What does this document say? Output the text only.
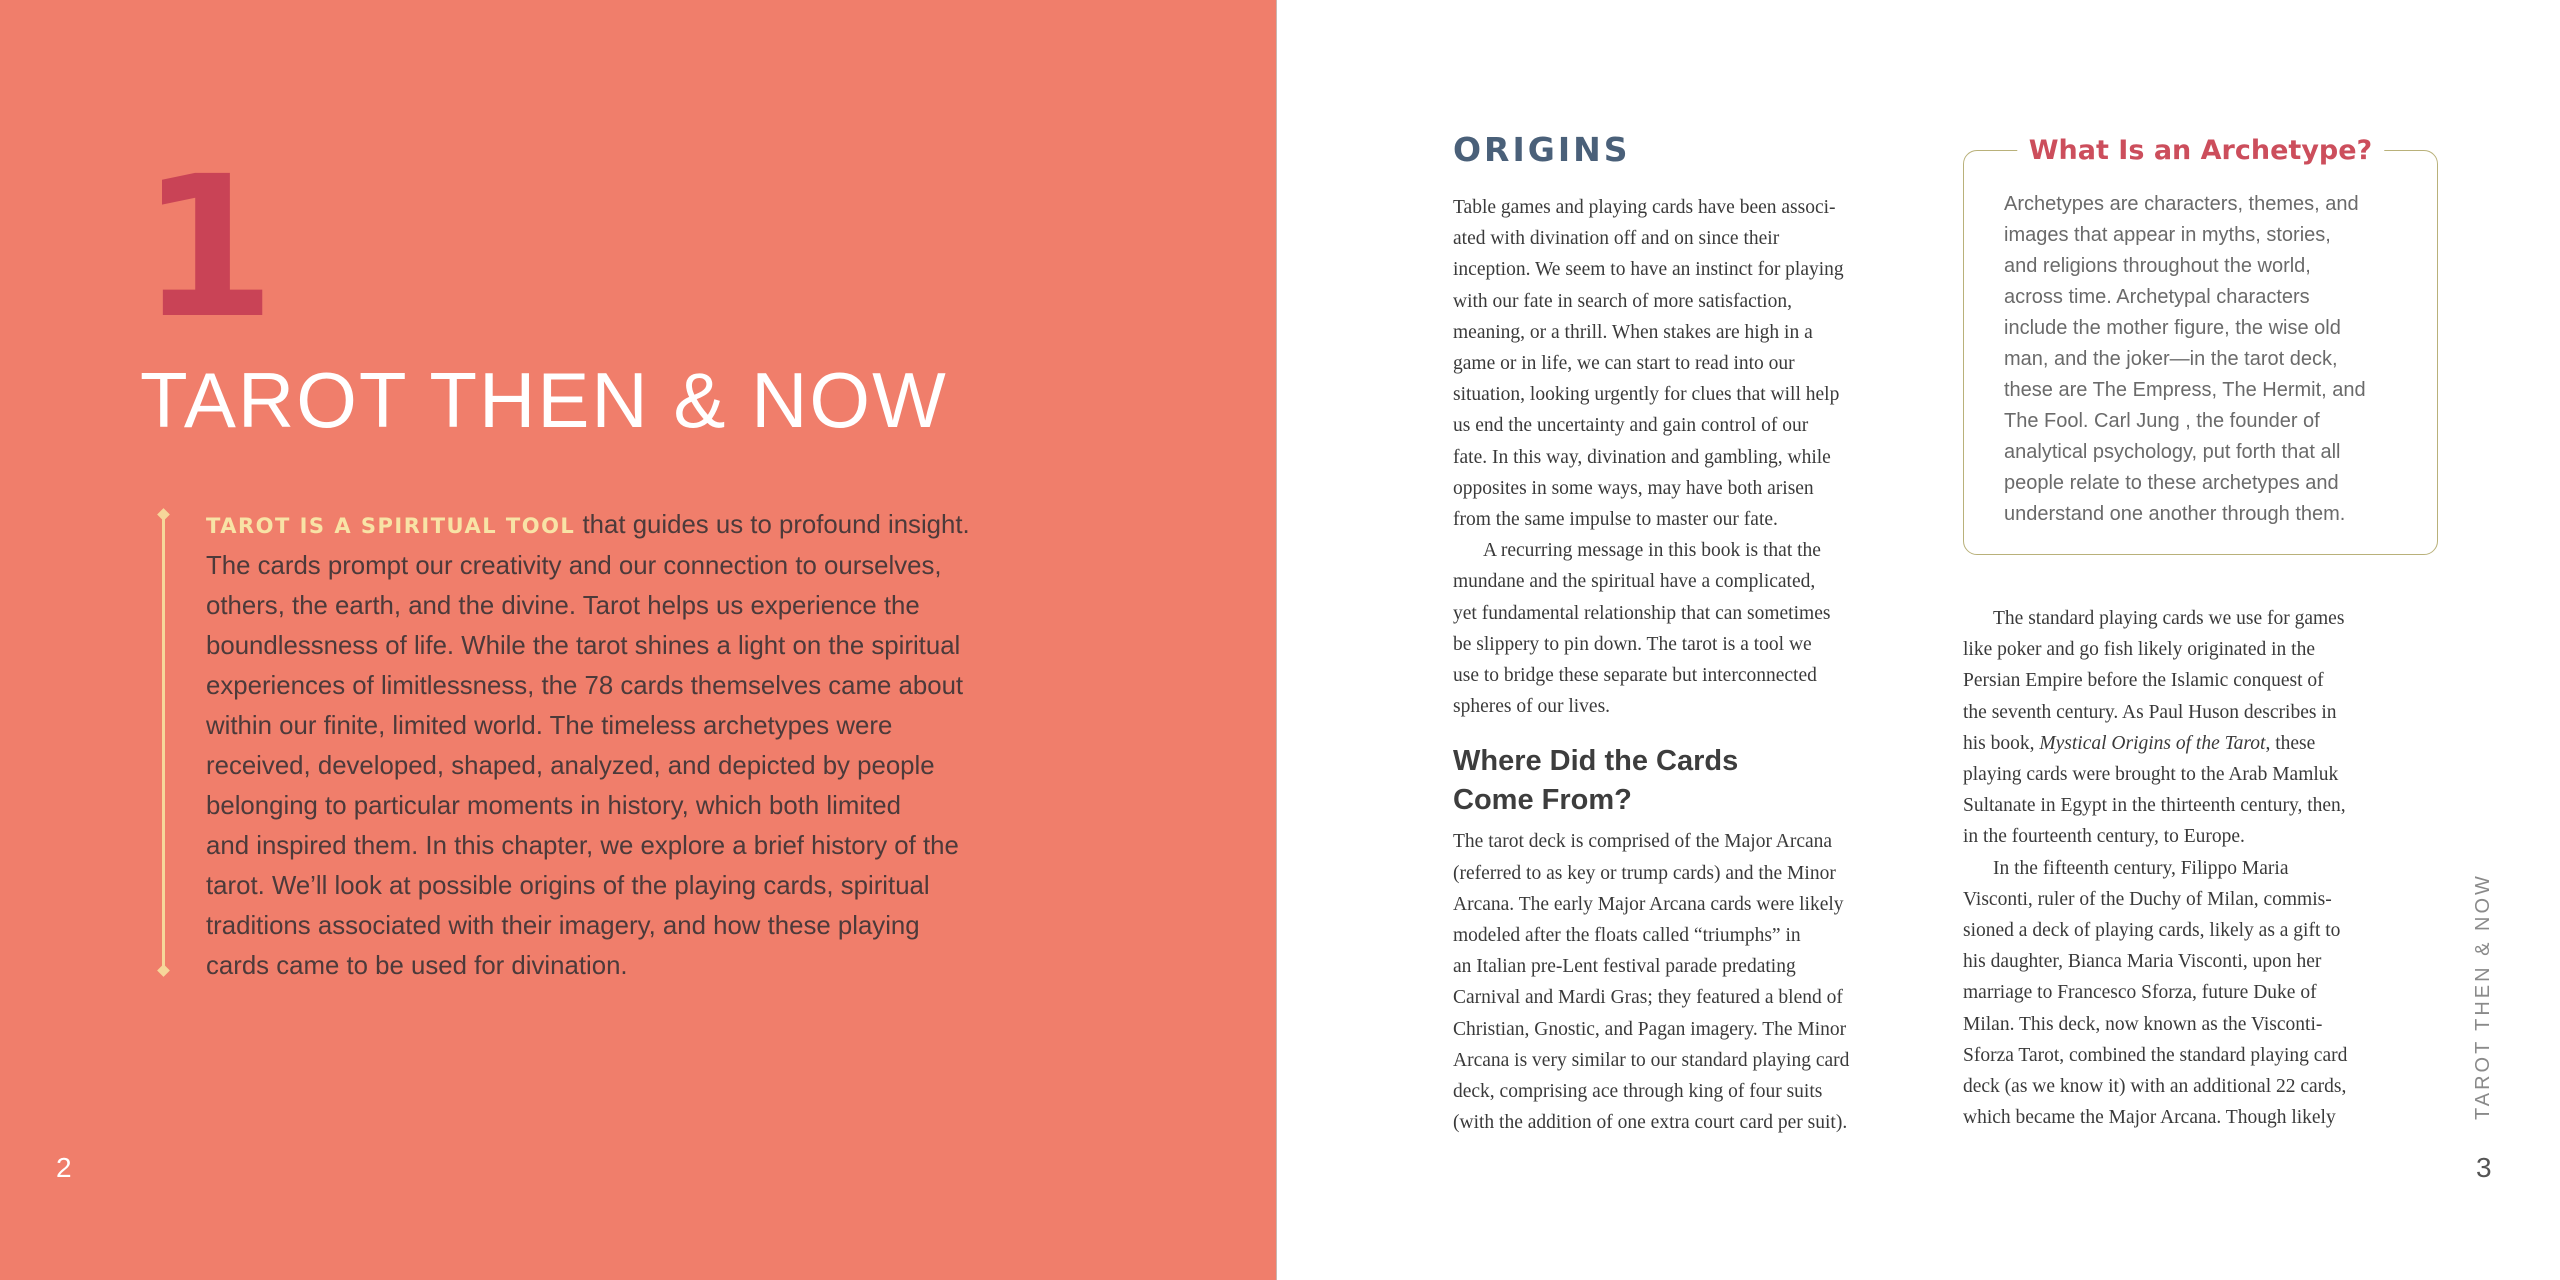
1
TAROT THEN & NOW
TAROT IS A SPIRITUAL TOOL that guides us to profound insight.
The cards prompt our creativity and our connection to ourselves,
others, the earth, and the divine. Tarot helps us experience the
boundlessness of life. While the tarot shines a light on the spiritual
experiences of limitlessness, the 78 cards themselves came about
within our finite, limited world. The timeless archetypes were
received, developed, shaped, analyzed, and depicted by people
belonging to particular moments in history, which both limited
and inspired them. In this chapter, we explore a brief history of the
tarot. We’ll look at possible origins of the playing cards, spiritual
traditions associated with their imagery, and how these playing
cards came to be used for divination.
2
ORIGINS

Table games and playing cards have been associ-
ated with divination off and on since their
inception. We seem to have an instinct for playing
with our fate in search of more satisfaction,
meaning, or a thrill. When stakes are high in a
game or in life, we can start to read into our
situation, looking urgently for clues that will help
us end the uncertainty and gain control of our
fate. In this way, divination and gambling, while
opposites in some ways, may have both arisen
from the same impulse to master our fate.

A recurring message in this book is that the
mundane and the spiritual have a complicated,
yet fundamental relationship that can sometimes
be slippery to pin down. The tarot is a tool we
use to bridge these separate but interconnected
spheres of our lives.

Where Did the Cards
Come From?

The tarot deck is comprised of the Major Arcana
(referred to as key or trump cards) and the Minor
Arcana. The early Major Arcana cards were likely
modeled after the floats called “triumphs” in
an Italian pre-Lent festival parade predating
Carnival and Mardi Gras; they featured a blend of
Christian, Gnostic, and Pagan imagery. The Minor
Arcana is very similar to our standard playing card
deck, comprising ace through king of four suits
(with the addition of one extra court card per suit).

What Is an Archetype?

Archetypes are characters, themes, and
images that appear in myths, stories,
and religions throughout the world,
across time. Archetypal characters
include the mother figure, the wise old
man, and the joker—in the tarot deck,
these are The Empress, The Hermit, and
The Fool. Carl Jung , the founder of
analytical psychology, put forth that all
people relate to these archetypes and
understand one another through them.

The standard playing cards we use for games
like poker and go fish likely originated in the
Persian Empire before the Islamic conquest of
the seventh century. As Paul Huson describes in
his book, Mystical Origins of the Tarot, these
playing cards were brought to the Arab Mamluk
Sultanate in Egypt in the thirteenth century, then,
in the fourteenth century, to Europe.

In the fifteenth century, Filippo Maria
Visconti, ruler of the Duchy of Milan, commis-
sioned a deck of playing cards, likely as a gift to
his daughter, Bianca Maria Visconti, upon her
marriage to Francesco Sforza, future Duke of
Milan. This deck, now known as the Visconti-
Sforza Tarot, combined the standard playing card
deck (as we know it) with an additional 22 cards,
which became the Major Arcana. Though likely	TAROT THEN & NOW
3
